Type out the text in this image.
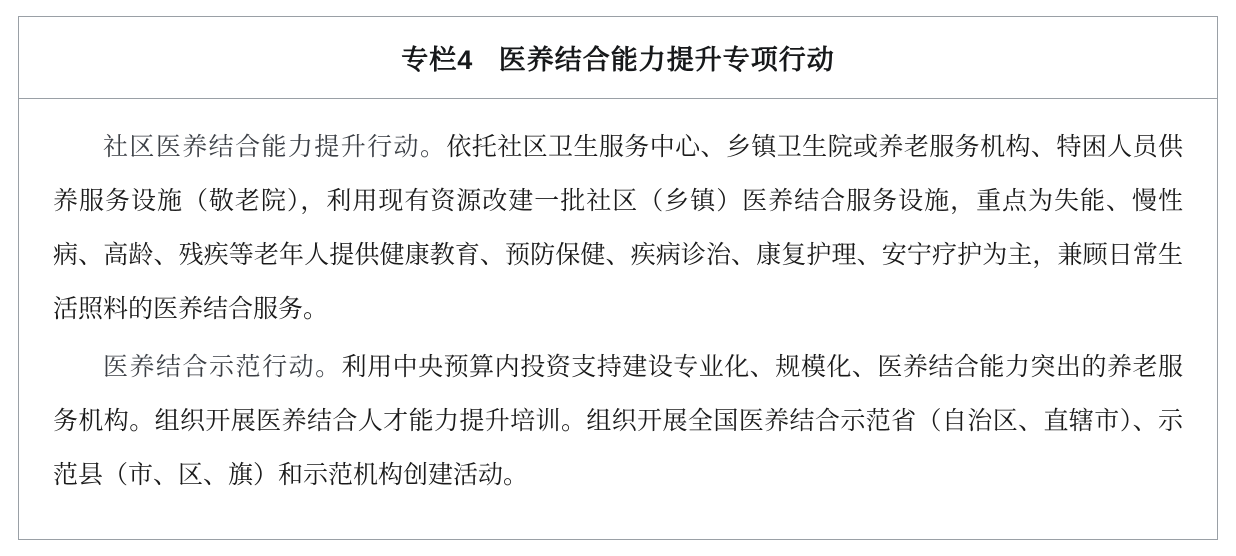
专栏4   医养结合能力提升专项行动

社区医养结合能力提升行动。依托社区卫生服务中心、乡镇卫生院或养老服务机构、特困人员供养服务设施（敬老院），利用现有资源改建一批社区（乡镇）医养结合服务设施，重点为失能、慢性病、高龄、残疾等老年人提供健康教育、预防保健、疾病诊治、康复护理、安宁疗护为主，兼顾日常生活照料的医养结合服务。

医养结合示范行动。利用中央预算内投资支持建设专业化、规模化、医养结合能力突出的养老服务机构。组织开展医养结合人才能力提升培训。组织开展全国医养结合示范省（自治区、直辖市）、示范县（市、区、旗）和示范机构创建活动。
